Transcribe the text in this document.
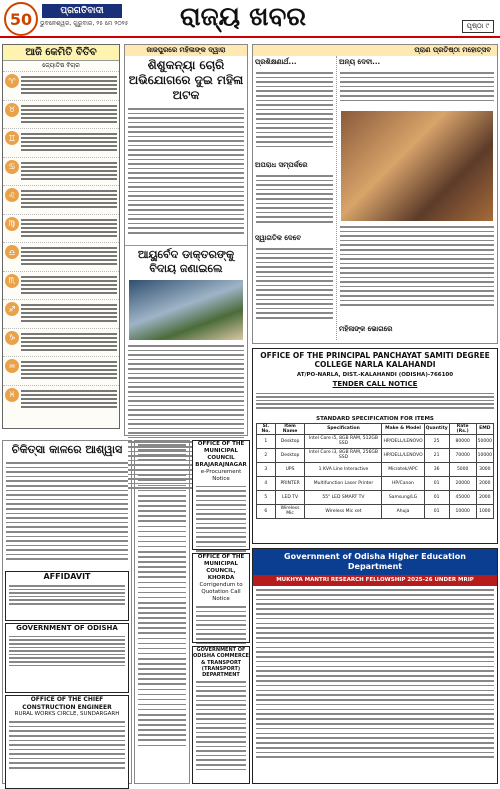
50	ପ୍ରଗତିବାଦୀ
ଭୁବନେଶ୍ୱର, ଗୁରୁବାର, ୨୫ ମେ ୨୦୨୫ ରାଜ୍ୟ ଖବର	ପୃଷ୍ଠା ୯
ଆଜି କେମିତି ବିତିବ
ଜ୍ୟୋତିଷ ବିଚାର
♈
♉
♊
♋
♌
♍
♎
♏
♐
♑
♒
♓
ଜାଜପୁରରେ ମହିଳାଙ୍କ ଦ୍ୱାରା
ଶିଶୁକନ୍ୟା ଚୋରି ଅଭିଯୋଗରେ ଦୁଇ ମହିଳା ଅଟକ
ଆୟୁର୍ବେଦ ଡାକ୍ତରଙ୍କୁ ବିଦାୟ ଜଣାଇଲେ
ପ୍ରାଣ ପ୍ରତିଷ୍ଠା ମହୋତ୍ସବ
ପ୍ରଶିକ୍ଷଣାର୍ଥ...
ଅପରାଧ ସମ୍ପର୍କରେ
ସ୍ୱାଗତିକ ଦେବେ
ଅନ୍ୟ ଦେବୀ...
ମହିଳାଙ୍କ ଭୋଗରେ
OFFICE OF THE PRINCIPAL PANCHAYAT SAMITI DEGREE COLLEGE NARLA KALAHANDI
AT/PO-NARLA, DIST.-KALAHANDI (ODISHA)-766100
TENDER CALL NOTICE
STANDARD SPECIFICATION FOR ITEMS
Sl. No.	Item Name	Specification	Make & Model	Quantity	Rate (Rs.)	EMD
1	Desktop	Intel Core i5, 8GB RAM, 512GB SSD	HP/DELL/LENOVO	25	80000	50000
2	Desktop	Intel Core i3, 8GB RAM, 256GB SSD	HP/DELL/LENOVO	21	70000	10000
3	UPS	1 KVA Line Interactive	Microtek/APC	36	5000	3000
4	PRINTER	Multifunction Laser Printer	HP/Canon	01	20000	2000
5	LED TV	55" LED SMART TV	Samsung/LG	01	45000	2000
6	Wireless Mic	Wireless Mic set	Ahuja	01	10000	1000
ଚିକିତ୍ସା କାଳରେ ଆଶ୍ୱାସ
AFFIDAVIT
GOVERNMENT OF ODISHA
OFFICE OF THE CHIEF CONSTRUCTION ENGINEER
RURAL WORKS CIRCLE, SUNDARGARH
OFFICE OF THE MUNICIPAL COUNCIL BRAJARAJNAGAR
e-Procurement Notice
OFFICE OF THE MUNICIPAL COUNCIL, KHORDA
Corrigendum to Quotation Call Notice
GOVERNMENT OF ODISHA COMMERCE & TRANSPORT (TRANSPORT) DEPARTMENT
Government of Odisha Higher Education Department
MUKHYA MANTRI RESEARCH FELLOWSHIP 2025-26 UNDER MRIP
